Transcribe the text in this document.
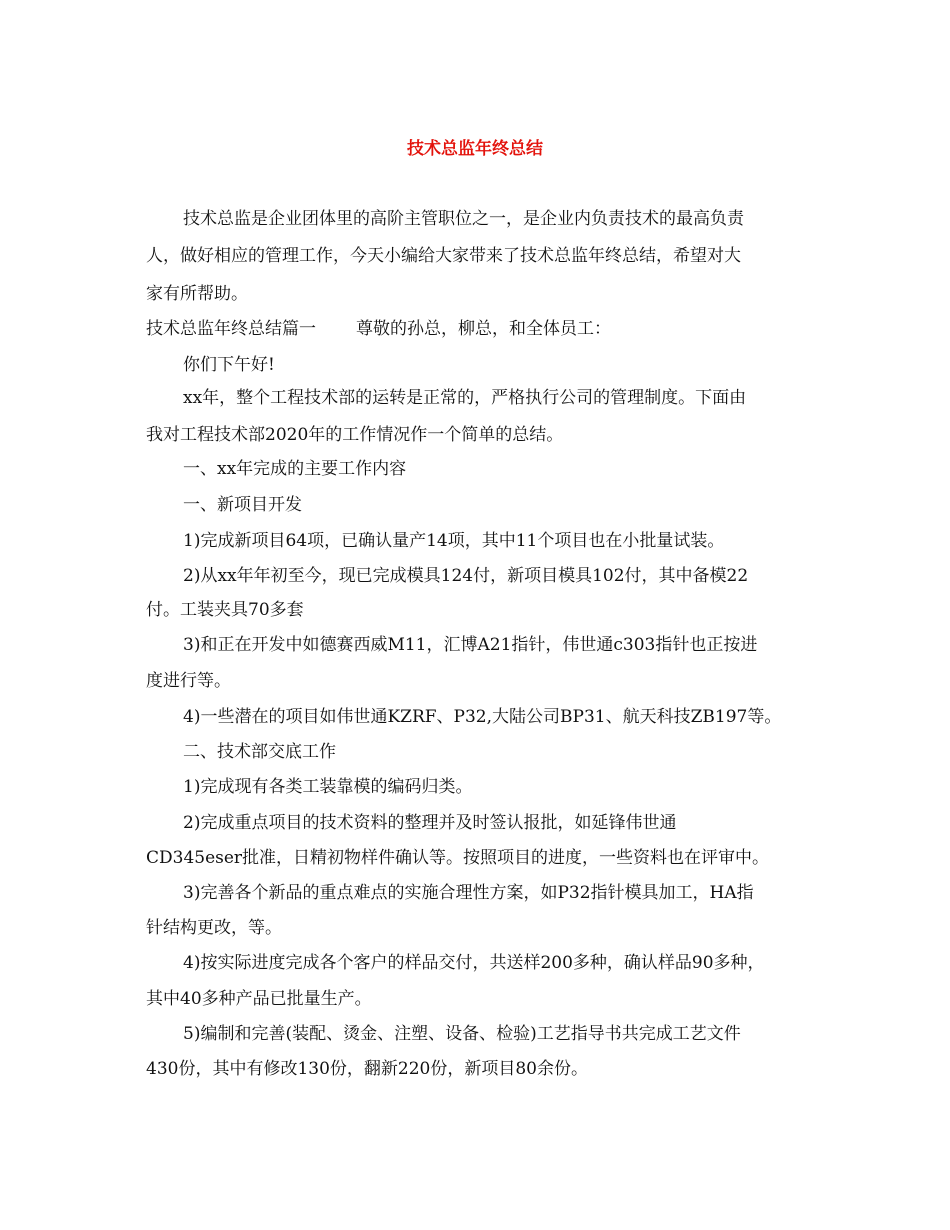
技术总监年终总结
技术总监是企业团体里的高阶主管职位之一，是企业内负责技术的最高负责
人，做好相应的管理工作，今天小编给大家带来了技术总监年终总结，希望对大
家有所帮助。
技术总监年终总结篇一 尊敬的孙总，柳总，和全体员工：
你们下午好!
xx年，整个工程技术部的运转是正常的，严格执行公司的管理制度。下面由
我对工程技术部2020年的工作情况作一个简单的总结。
一、xx年完成的主要工作内容
一、新项目开发
1)完成新项目64项，已确认量产14项，其中11个项目也在小批量试装。
2)从xx年年初至今，现已完成模具124付，新项目模具102付，其中备模22
付。工装夹具70多套
3)和正在开发中如德赛西威M11，汇博A21指针，伟世通c303指针也正按进
度进行等。
4)一些潜在的项目如伟世通KZRF、P32,大陆公司BP31、航天科技ZB197等。
二、技术部交底工作
1)完成现有各类工装靠模的编码归类。
2)完成重点项目的技术资料的整理并及时签认报批，如延锋伟世通
CD345eser批准，日精初物样件确认等。按照项目的进度，一些资料也在评审中。
3)完善各个新品的重点难点的实施合理性方案，如P32指针模具加工，HA指
针结构更改，等。
4)按实际进度完成各个客户的样品交付，共送样200多种，确认样品90多种，
其中40多种产品已批量生产。
5)编制和完善(装配、烫金、注塑、设备、检验)工艺指导书共完成工艺文件
430份，其中有修改130份，翻新220份，新项目80余份。
